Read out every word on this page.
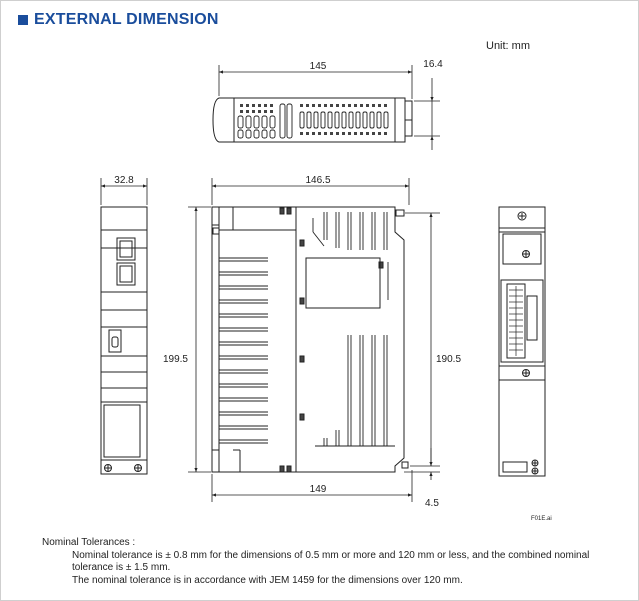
EXTERNAL DIMENSION
Unit: mm
145	16.4
32.8	146.5
199.5	190.5
149
4.5
F01E.ai
Nominal Tolerances :
Nominal tolerance is ± 0.8 mm for the dimensions of 0.5 mm or more and 120 mm or less, and the combined nominal
tolerance is ± 1.5 mm.
The nominal tolerance is in accordance with JEM 1459 for the dimensions over 120 mm.
